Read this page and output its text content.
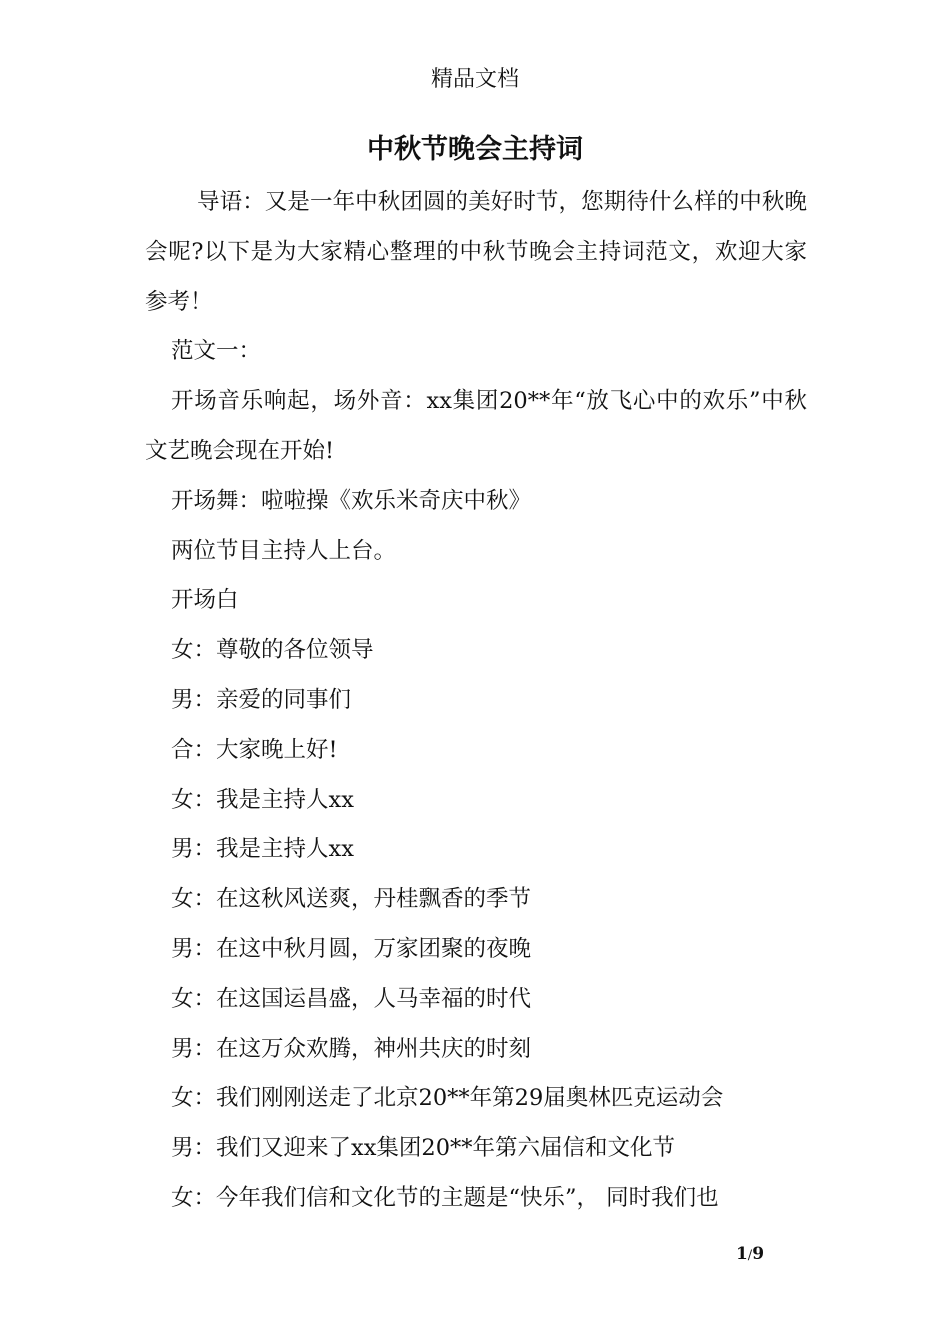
精品文档
中秋节晚会主持词

导语：又是一年中秋团圆的美好时节，您期待什么样的中秋晚会呢?以下是为大家精心整理的中秋节晚会主持词范文，欢迎大家参考！

范文一：

开场音乐响起，场外音：xx集团20**年“放飞心中的欢乐”中秋文艺晚会现在开始!

开场舞：啦啦操《欢乐米奇庆中秋》

两位节目主持人上台。

开场白

女：尊敬的各位领导

男：亲爱的同事们

合：大家晚上好!

女：我是主持人xx

男：我是主持人xx

女：在这秋风送爽，丹桂飘香的季节

男：在这中秋月圆，万家团聚的夜晚

女：在这国运昌盛，人马幸福的时代

男：在这万众欢腾，神州共庆的时刻

女：我们刚刚送走了北京20**年第29届奥林匹克运动会

男：我们又迎来了xx集团20**年第六届信和文化节

女：今年我们信和文化节的主题是“快乐”， 同时我们也

1/9
